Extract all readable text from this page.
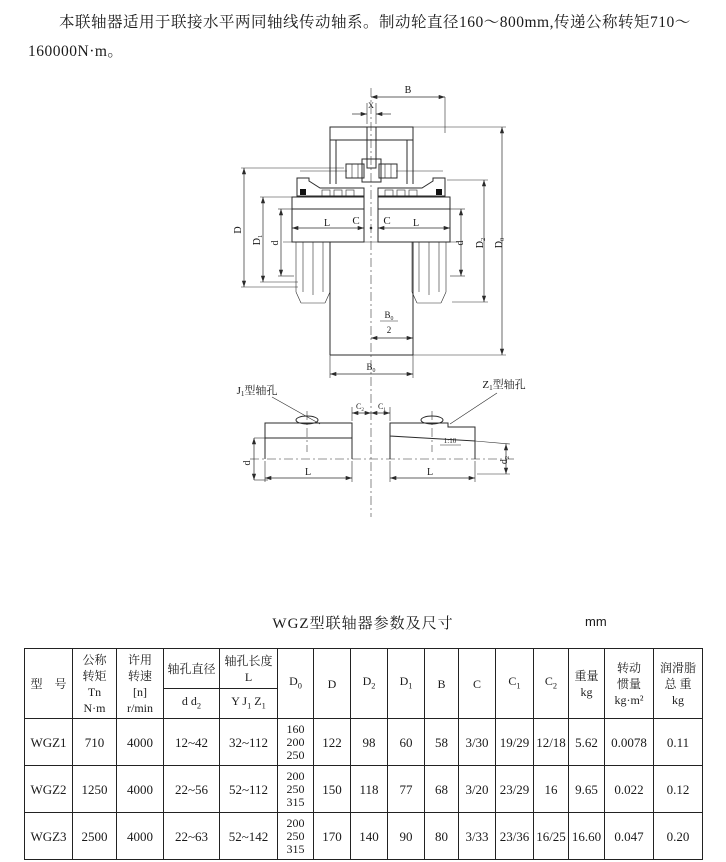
本联轴器适用于联接水平两同轴线传动轴系。制动轮直径160～800mm,传递公称转矩710～
160000N·m。
B
X
D
$D_1$
d
L C C L
d $D_2$
$D_0$
$B_0$
2
$B_0$
J1型轴孔	Z1型轴孔
$C_2$ $C_1$
d
L	L
$d_2$
1:10
WGZ型联轴器参数及尺寸	mm
型　号	公称
转矩
Tn
N·m	许用
转速
[n]
r/min	轴孔直径	轴孔长度
L	$D_0$	D	$D_2$	$D_1$	B	C	$C_1$	$C_2$	重量
kg	转动
惯量
kg·m²	润滑脂
总 重
kg
			d $d_2$	Y $J_1$ $Z_1$
WGZ1	710	4000	12~42	32~112	160
200
250	122	98	60	58	3/30	19/29	12/18	5.62	0.0078	0.11
WGZ2	1250	4000	22~56	52~112	200
250
315	150	118	77	68	3/20	23/29	16	9.65	0.022	0.12
WGZ3	2500	4000	22~63	52~142	200
250
315	170	140	90	80	3/33	23/36	16/25	16.60	0.047	0.20
